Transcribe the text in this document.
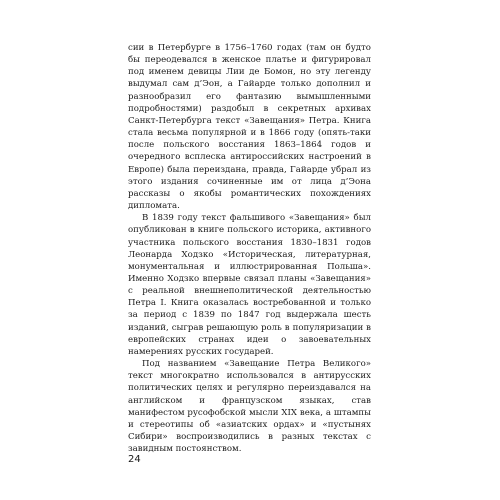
сии в Петербурге в 1756–1760 годах (там он будто бы переодевался в женское платье и фигурировал под именем девицы Лии де Бомон, но эту легенду выдумал сам д’Эон, а Гайарде только дополнил и разнообразил его фантазию вымышленными подробностями) раздобыл в секретных архивах Санкт-Петербурга текст «Завещания» Петра. Книга стала весьма популярной и в 1866 году (опять-таки после польского восстания 1863–1864 годов и очередного всплеска антироссийских настроений в Европе) была переиздана, правда, Гайарде убрал из этого издания сочиненные им от лица д’Эона рассказы о якобы романтических похождениях дипломата.

В 1839 году текст фальшивого «Завещания» был опубликован в книге польского историка, активного участника польского восстания 1830–1831 годов Леонарда Ходзко «Историческая, литературная, монументальная и иллюстрированная Польша». Именно Ходзко впервые связал планы «Завещания» с реальной внешнеполитической деятельностью Петра I. Книга оказалась востребованной и только за период с 1839 по 1847 год выдержала шесть изданий, сыграв решающую роль в популяризации в европейских странах идеи о завоевательных намерениях русских государей.

Под названием «Завещание Петра Великого» текст многократно использовался в антирусских политических целях и регулярно переиздавался на английском и французском языках, став манифестом русофобской мысли XIX века, а штампы и стереотипы об «азиатских ордах» и «пустынях Сибири» воспроизводились в разных текстах с завидным постоянством.

24
